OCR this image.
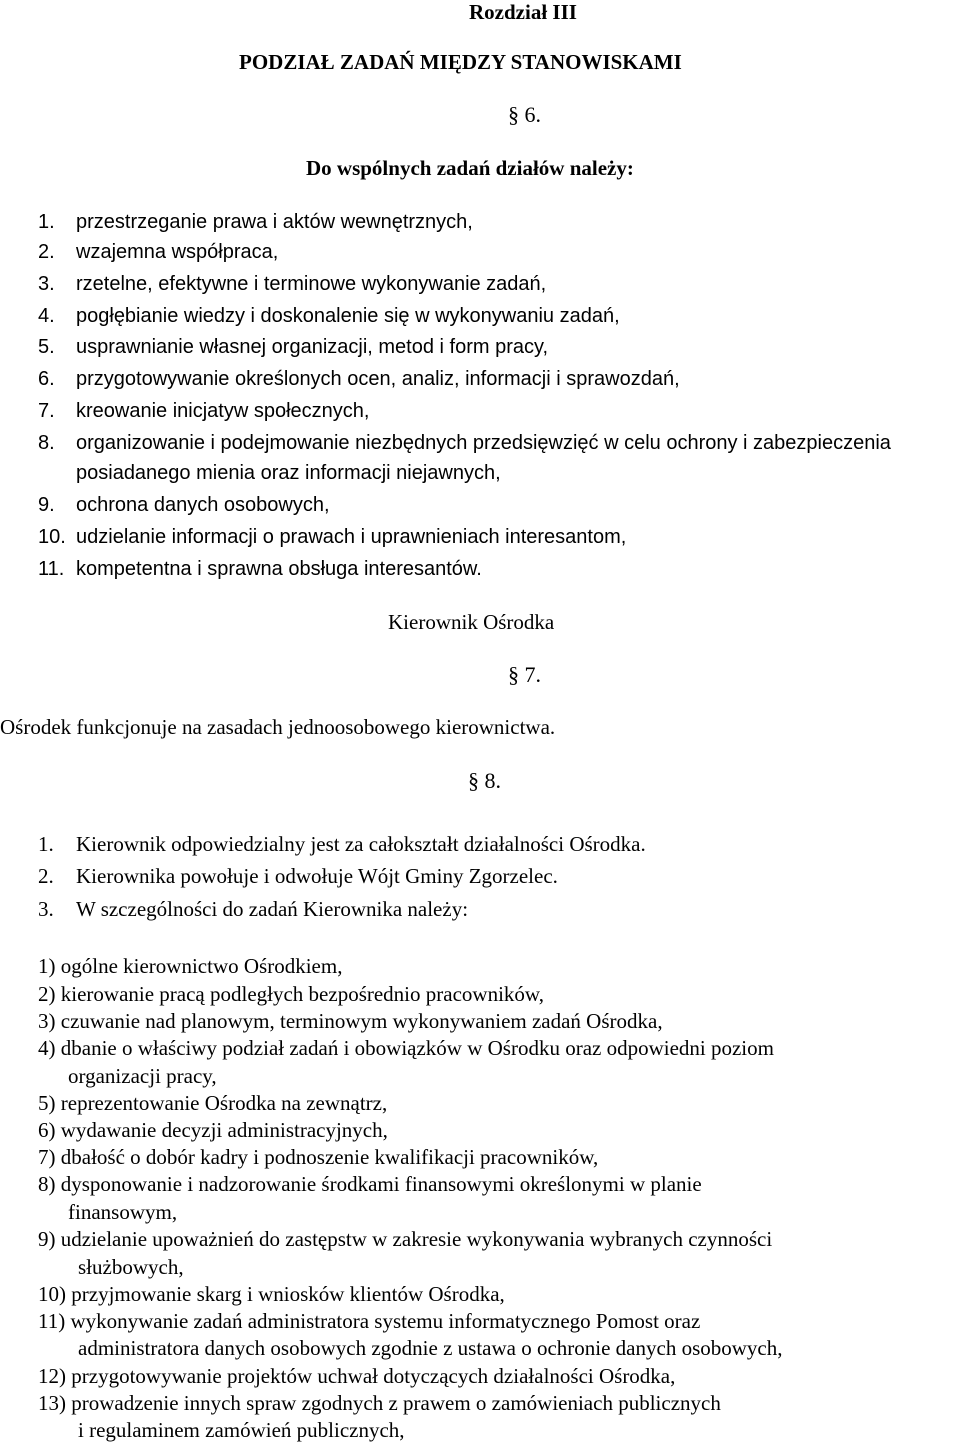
Rozdział III
PODZIAŁ ZADAŃ MIĘDZY STANOWISKAMI
§ 6.
Do wspólnych zadań działów należy:
1. przestrzeganie prawa i aktów wewnętrznych,
2. wzajemna współpraca,
3. rzetelne, efektywne i terminowe wykonywanie zadań,
4. pogłębianie wiedzy i doskonalenie się w wykonywaniu zadań,
5. usprawnianie własnej organizacji, metod i form pracy,
6. przygotowywanie określonych ocen, analiz, informacji i sprawozdań,
7. kreowanie inicjatyw społecznych,
8. organizowanie i podejmowanie niezbędnych przedsięwzięć w celu ochrony i zabezpieczenia
posiadanego mienia oraz informacji niejawnych,
9. ochrona danych osobowych,
10. udzielanie informacji o prawach i uprawnieniach interesantom,
11. kompetentna i sprawna obsługa interesantów.
Kierownik Ośrodka
§ 7.
Ośrodek funkcjonuje na zasadach jednoosobowego kierownictwa.
§ 8.
1. Kierownik odpowiedzialny jest za całokształt działalności Ośrodka.
2. Kierownika powołuje i odwołuje Wójt Gminy Zgorzelec.
3. W szczególności do zadań Kierownika należy:
1) ogólne kierownictwo Ośrodkiem,
2) kierowanie pracą podległych bezpośrednio pracowników,
3) czuwanie nad planowym, terminowym wykonywaniem zadań Ośrodka,
4) dbanie o właściwy podział zadań i obowiązków w Ośrodku oraz odpowiedni poziom
organizacji pracy,
5) reprezentowanie Ośrodka na zewnątrz,
6) wydawanie decyzji administracyjnych,
7) dbałość o dobór kadry i podnoszenie kwalifikacji pracowników,
8) dysponowanie i nadzorowanie środkami finansowymi określonymi w planie
finansowym,
9) udzielanie upoważnień do zastępstw w zakresie wykonywania wybranych czynności
służbowych,
10) przyjmowanie skarg i wniosków klientów Ośrodka,
11) wykonywanie zadań administratora systemu informatycznego Pomost oraz
administratora danych osobowych zgodnie z ustawa o ochronie danych osobowych,
12) przygotowywanie projektów uchwał dotyczących działalności Ośrodka,
13) prowadzenie innych spraw zgodnych z prawem o zamówieniach publicznych
i regulaminem zamówień publicznych,
